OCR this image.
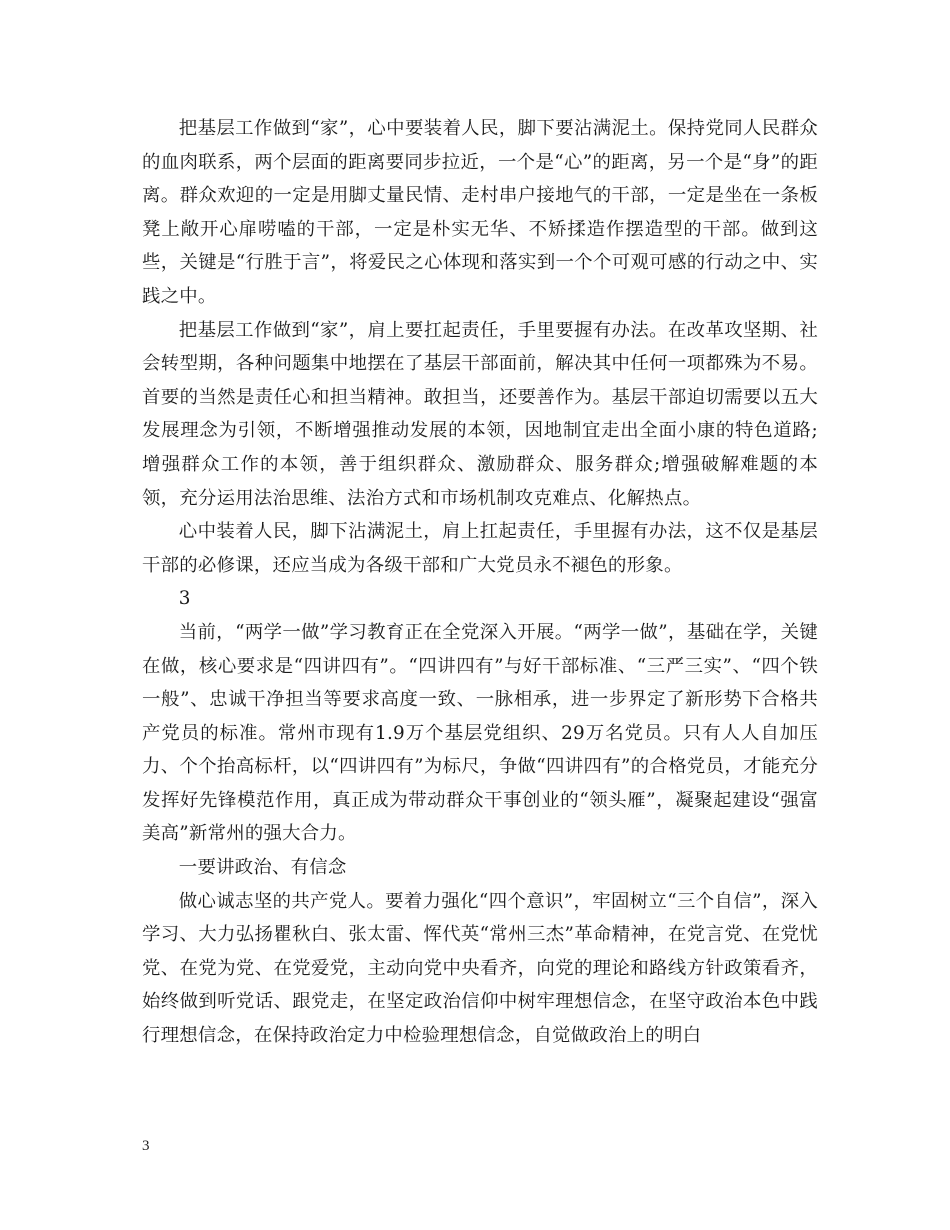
把基层工作做到“家”，心中要装着人民，脚下要沾满泥土。保持党同人民群众的血肉联系，两个层面的距离要同步拉近，一个是“心”的距离，另一个是“身”的距离。群众欢迎的一定是用脚丈量民情、走村串户接地气的干部，一定是坐在一条板凳上敞开心扉唠嗑的干部，一定是朴实无华、不矫揉造作摆造型的干部。做到这些，关键是“行胜于言”，将爱民之心体现和落实到一个个可观可感的行动之中、实践之中。

把基层工作做到“家”，肩上要扛起责任，手里要握有办法。在改革攻坚期、社会转型期，各种问题集中地摆在了基层干部面前，解决其中任何一项都殊为不易。首要的当然是责任心和担当精神。敢担当，还要善作为。基层干部迫切需要以五大发展理念为引领，不断增强推动发展的本领，因地制宜走出全面小康的特色道路;增强群众工作的本领，善于组织群众、激励群众、服务群众;增强破解难题的本领，充分运用法治思维、法治方式和市场机制攻克难点、化解热点。

心中装着人民，脚下沾满泥土，肩上扛起责任，手里握有办法，这不仅是基层干部的必修课，还应当成为各级干部和广大党员永不褪色的形象。

3

当前，“两学一做”学习教育正在全党深入开展。“两学一做”，基础在学，关键在做，核心要求是“四讲四有”。“四讲四有”与好干部标准、“三严三实”、“四个铁一般”、忠诚干净担当等要求高度一致、一脉相承，进一步界定了新形势下合格共产党员的标准。常州市现有1.9万个基层党组织、29万名党员。只有人人自加压力、个个抬高标杆，以“四讲四有”为标尺，争做“四讲四有”的合格党员，才能充分发挥好先锋模范作用，真正成为带动群众干事创业的“领头雁”，凝聚起建设“强富美高”新常州的强大合力。

一要讲政治、有信念

做心诚志坚的共产党人。要着力强化“四个意识”，牢固树立“三个自信”，深入学习、大力弘扬瞿秋白、张太雷、恽代英“常州三杰”革命精神，在党言党、在党忧党、在党为党、在党爱党，主动向党中央看齐，向党的理论和路线方针政策看齐，始终做到听党话、跟党走，在坚定政治信仰中树牢理想信念，在坚守政治本色中践行理想信念，在保持政治定力中检验理想信念，自觉做政治上的明白

3
